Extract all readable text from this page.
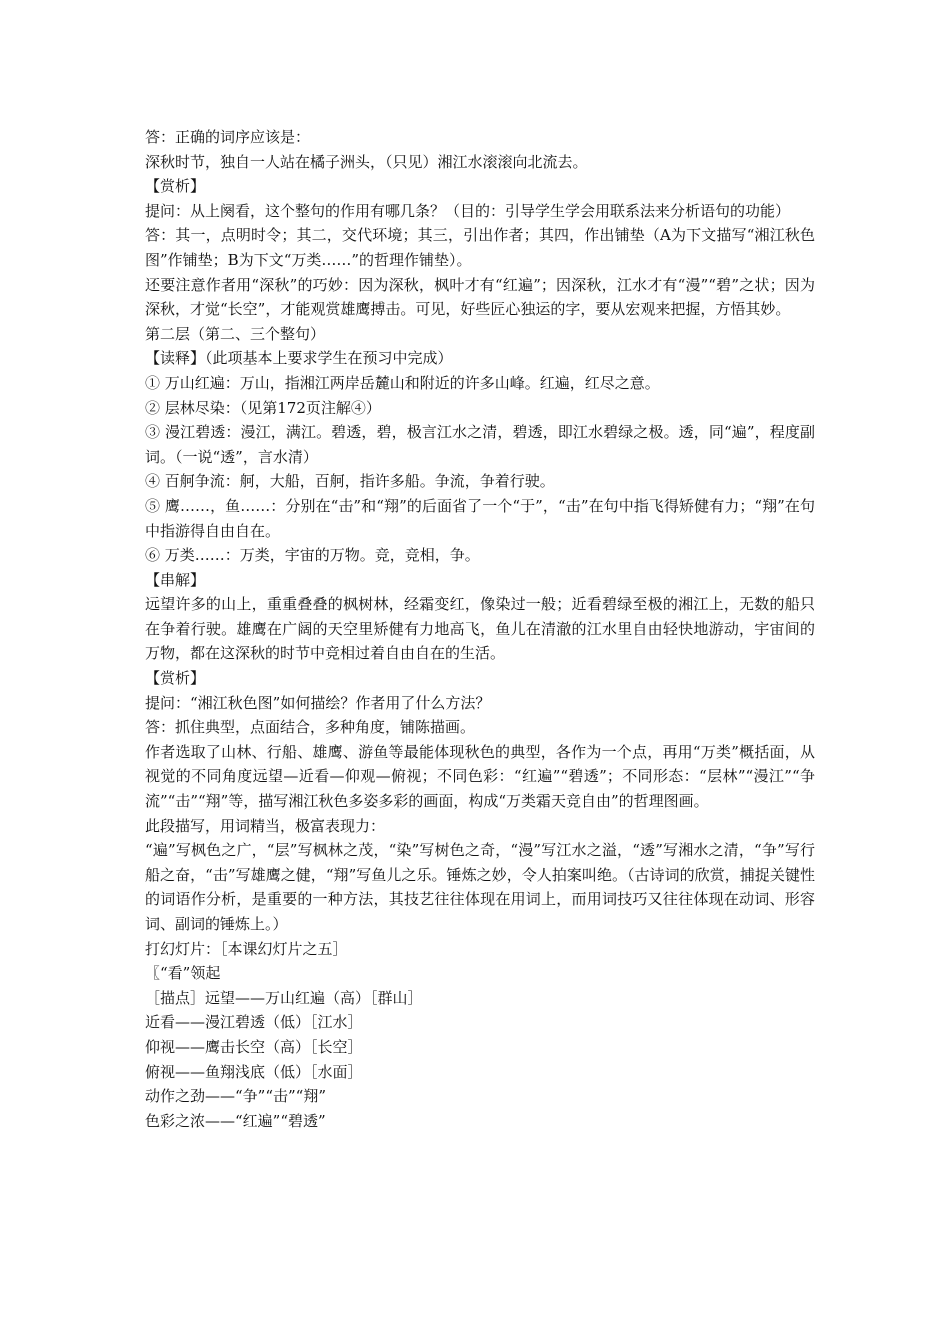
答：正确的词序应该是：

深秋时节，独自一人站在橘子洲头，（只见）湘江水滚滚向北流去。

【赏析】

提问：从上阕看，这个整句的作用有哪几条？（目的：引导学生学会用联系法来分析语句的功能）

答：其一，点明时令；其二，交代环境；其三，引出作者；其四，作出铺垫（A为下文描写“湘江秋色图”作铺垫；B为下文“万类……”的哲理作铺垫）。

还要注意作者用“深秋”的巧妙：因为深秋，枫叶才有“红遍”；因深秋，江水才有“漫”“碧”之状；因为深秋，才觉“长空”，才能观赏雄鹰搏击。可见，好些匠心独运的字，要从宏观来把握，方悟其妙。

第二层（第二、三个整句）

【读释】（此项基本上要求学生在预习中完成）

① 万山红遍：万山，指湘江两岸岳麓山和附近的许多山峰。红遍，红尽之意。

② 层林尽染：（见第172页注解④）

③ 漫江碧透：漫江，满江。碧透，碧，极言江水之清，碧透，即江水碧绿之极。透，同“遍”，程度副词。（一说“透”，言水清）

④ 百舸争流：舸，大船，百舸，指许多船。争流，争着行驶。

⑤ 鹰……，鱼……：分别在“击”和“翔”的后面省了一个“于”，“击”在句中指飞得矫健有力；“翔”在句中指游得自由自在。

⑥ 万类……：万类，宇宙的万物。竞，竞相，争。

【串解】

远望许多的山上，重重叠叠的枫树林，经霜变红，像染过一般；近看碧绿至极的湘江上，无数的船只在争着行驶。雄鹰在广阔的天空里矫健有力地高飞，鱼儿在清澈的江水里自由轻快地游动，宇宙间的万物，都在这深秋的时节中竞相过着自由自在的生活。

【赏析】

提问：“湘江秋色图”如何描绘？作者用了什么方法？

答：抓住典型，点面结合，多种角度，铺陈描画。

作者选取了山林、行船、雄鹰、游鱼等最能体现秋色的典型，各作为一个点，再用“万类”概括面，从视觉的不同角度远望—近看—仰观—俯视；不同色彩：“红遍”“碧透”；不同形态：“层林”“漫江”“争流”“击”“翔”等，描写湘江秋色多姿多彩的画面，构成“万类霜天竞自由”的哲理图画。

此段描写，用词精当，极富表现力：

“遍”写枫色之广，“层”写枫林之茂，“染”写树色之奇，“漫”写江水之溢，“透”写湘水之清，“争”写行船之奋，“击”写雄鹰之健，“翔”写鱼儿之乐。锤炼之妙，令人拍案叫绝。（古诗词的欣赏，捕捉关键性的词语作分析，是重要的一种方法，其技艺往往体现在用词上，而用词技巧又往往体现在动词、形容词、副词的锤炼上。）

打幻灯片：［本课幻灯片之五］

〖“看”领起

［描点］远望——万山红遍（高）［群山］

近看——漫江碧透（低）［江水］

仰视——鹰击长空（高）［长空］

俯视——鱼翔浅底（低）［水面］

动作之劲——“争”“击”“翔”

色彩之浓——“红遍”“碧透”
